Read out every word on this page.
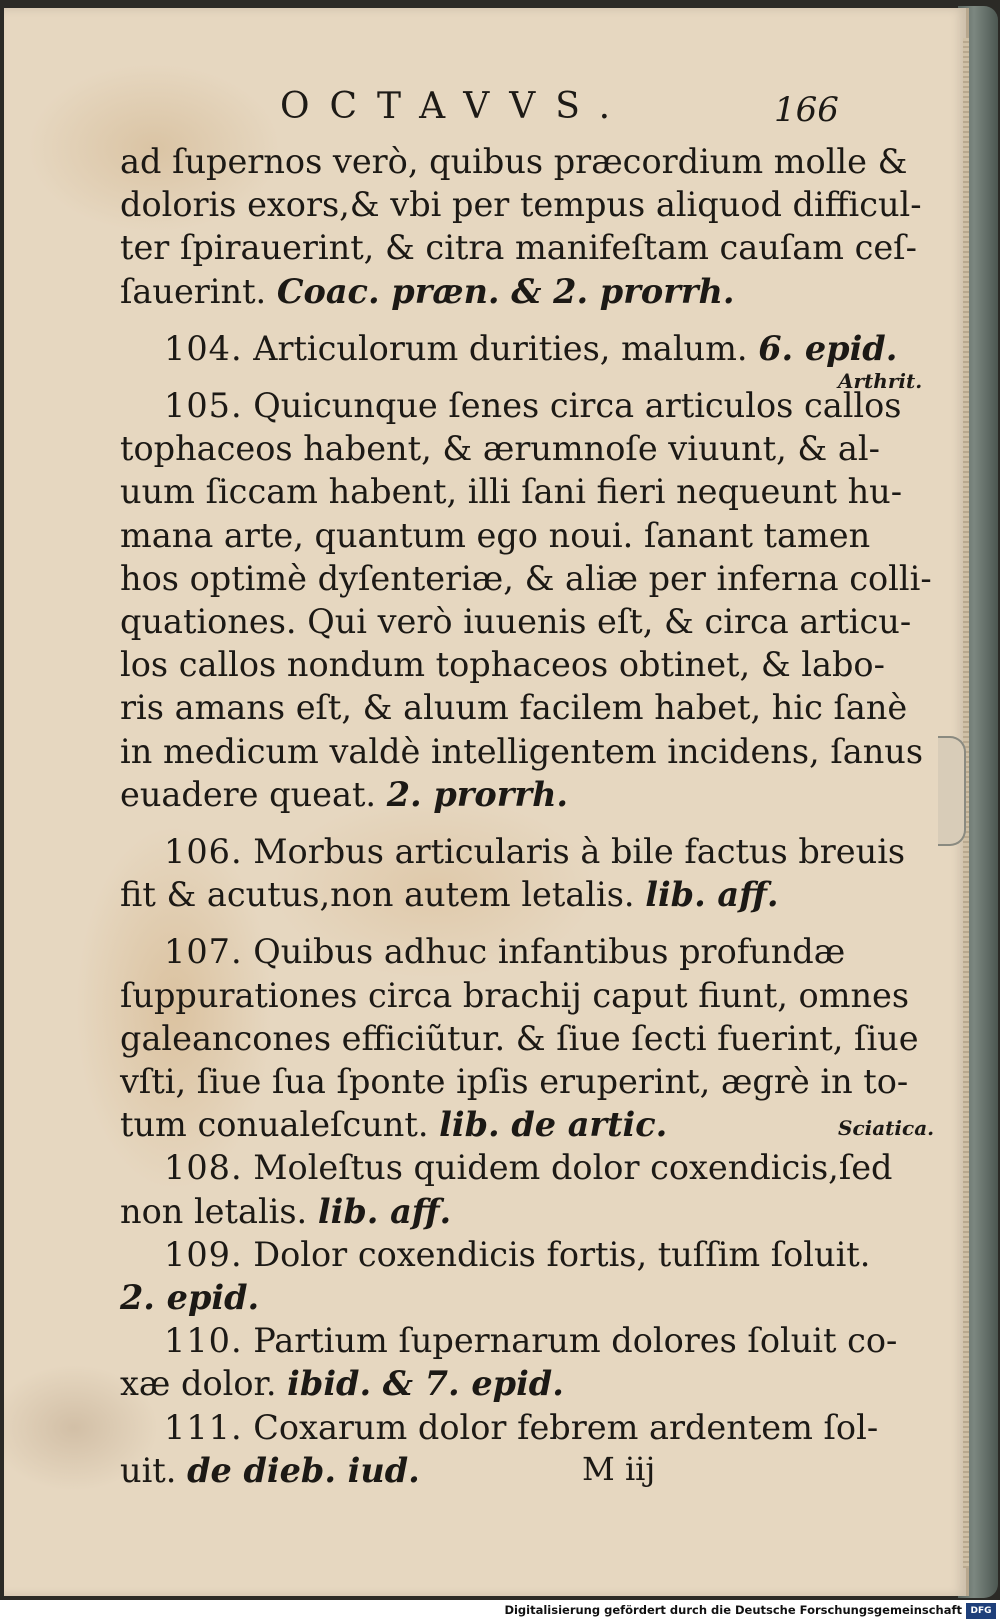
OCTAVVS.	166
ad ſupernos verò, quibus præcordium molle &
doloris exors,& vbi per tempus aliquod difficul-
ter ſpirauerint, & citra manifeſtam cauſam ceſ-
ſauerint. Coac. præn. & 2. prorrh.
104. Articulorum durities, malum. 6. epid.
105. Quicunque ſenes circa articulos callos
tophaceos habent, & ærumnoſe viuunt, & al-
uum ſiccam habent, illi ſani fieri nequeunt hu-
mana arte, quantum ego noui. ſanant tamen
hos optimè dyſenteriæ, & aliæ per inferna colli-
quationes. Qui verò iuuenis eſt, & circa articu-
los callos nondum tophaceos obtinet, & labo-
ris amans eſt, & aluum facilem habet, hic ſanè
in medicum valdè intelligentem incidens, ſanus
euadere queat. 2. prorrh.
106. Morbus articularis à bile factus breuis
fit & acutus,non autem letalis. lib. aff.
107. Quibus adhuc infantibus profundæ
ſuppurationes circa brachij caput fiunt, omnes
galeancones efficiũtur. & ſiue ſecti fuerint, ſiue
vſti, ſiue ſua ſponte ipſis eruperint, ægrè in to-
tum conualeſcunt. lib. de artic.
108. Moleſtus quidem dolor coxendicis,ſed
non letalis. lib. aff.
109. Dolor coxendicis fortis, tuſſim ſoluit.
2. epid.
110. Partium ſupernarum dolores ſoluit co-
xæ dolor. ibid. & 7. epid.
111. Coxarum dolor febrem ardentem ſol-
uit. de dieb. iud.
Arthrit.
Sciatica.
M iij
Digitalisierung gefördert durch die Deutsche Forschungsgemeinschaft DFG
